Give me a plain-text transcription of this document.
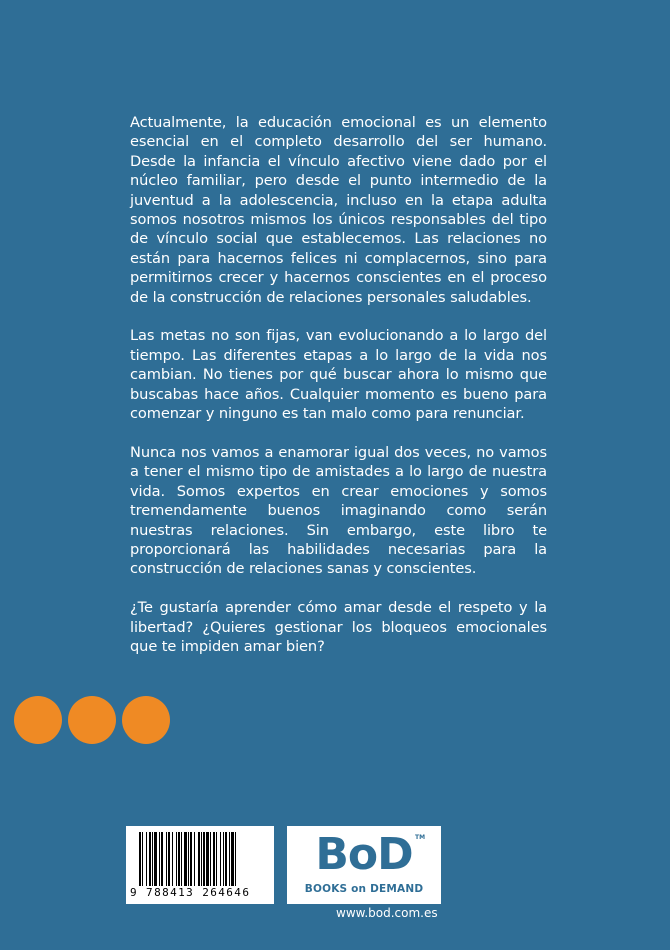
Actualmente, la educación emocional es un elemento esencial en el completo desarrollo del ser humano. Desde la infancia el vínculo afectivo viene dado por el núcleo familiar, pero desde el punto intermedio de la juventud a la adolescencia, incluso en la etapa adulta somos nosotros mismos los únicos responsables del tipo de vínculo social que establecemos. Las relaciones no están para hacernos felices ni complacernos, sino para permitirnos crecer y hacernos conscientes en el proceso de la construcción de relaciones personales saludables.

Las metas no son fijas, van evolucionando a lo largo del tiempo. Las diferentes etapas a lo largo de la vida nos cambian. No tienes por qué buscar ahora lo mismo que buscabas hace años. Cualquier momento es bueno para comenzar y ninguno es tan malo como para renunciar.

Nunca nos vamos a enamorar igual dos veces, no vamos a tener el mismo tipo de amistades a lo largo de nuestra vida. Somos expertos en crear emociones y somos tremendamente buenos imaginando como serán nuestras relaciones. Sin embargo, este libro te proporcionará las habilidades necesarias para la construcción de relaciones sanas y conscientes.

¿Te gustaría aprender cómo amar desde el respeto y la libertad? ¿Quieres gestionar los bloqueos emocionales que te impiden amar bien?

9 788413 264646
BoD TM
BOOKS on DEMAND
www.bod.com.es
